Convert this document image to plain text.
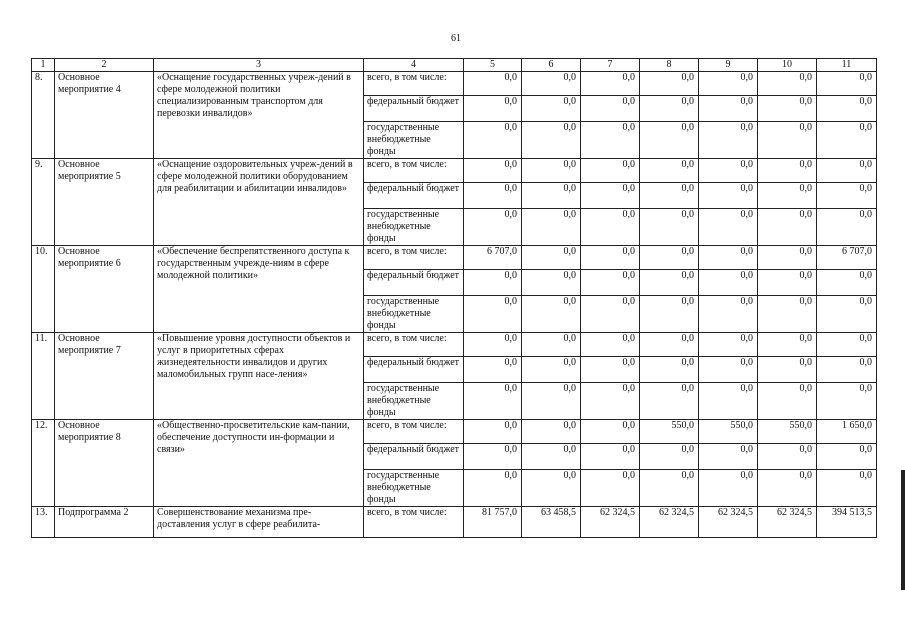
61
1	2	3	4	5	6	7	8	9	10	11
8.	Основное мероприятие 4	«Оснащение государственных учреж-дений в сфере молодежной политики специализированным транспортом для перевозки инвалидов»	всего, в том числе:	0,0	0,0	0,0	0,0	0,0	0,0	0,0
			федеральный бюджет	0,0	0,0	0,0	0,0	0,0	0,0	0,0
			государственные внебюджетные фонды	0,0	0,0	0,0	0,0	0,0	0,0	0,0
9.	Основное мероприятие 5	«Оснащение оздоровительных учреж-дений в сфере молодежной политики оборудованием для реабилитации и абилитации инвалидов»	всего, в том числе:	0,0	0,0	0,0	0,0	0,0	0,0	0,0
			федеральный бюджет	0,0	0,0	0,0	0,0	0,0	0,0	0,0
			государственные внебюджетные фонды	0,0	0,0	0,0	0,0	0,0	0,0	0,0
10.	Основное мероприятие 6	«Обеспечение беспрепятственного доступа к государственным учрежде-ниям в сфере молодежной политики»	всего, в том числе:	6 707,0	0,0	0,0	0,0	0,0	0,0	6 707,0
			федеральный бюджет	0,0	0,0	0,0	0,0	0,0	0,0	0,0
			государственные внебюджетные фонды	0,0	0,0	0,0	0,0	0,0	0,0	0,0
11.	Основное мероприятие 7	«Повышение уровня доступности объектов и услуг в приоритетных сферах жизнедеятельности инвалидов и других маломобильных групп насе-ления»	всего, в том числе:	0,0	0,0	0,0	0,0	0,0	0,0	0,0
			федеральный бюджет	0,0	0,0	0,0	0,0	0,0	0,0	0,0
			государственные внебюджетные фонды	0,0	0,0	0,0	0,0	0,0	0,0	0,0
12.	Основное мероприятие 8	«Общественно-просветительские кам-пании, обеспечение доступности ин-формации и связи»	всего, в том числе:	0,0	0,0	0,0	550,0	550,0	550,0	1 650,0
			федеральный бюджет	0,0	0,0	0,0	0,0	0,0	0,0	0,0
			государственные внебюджетные фонды	0,0	0,0	0,0	0,0	0,0	0,0	0,0
13.	Подпрограмма 2	Совершенствование механизма пре-доставления услуг в сфере реабилита-	всего, в том числе:	81 757,0	63 458,5	62 324,5	62 324,5	62 324,5	62 324,5	394 513,5
